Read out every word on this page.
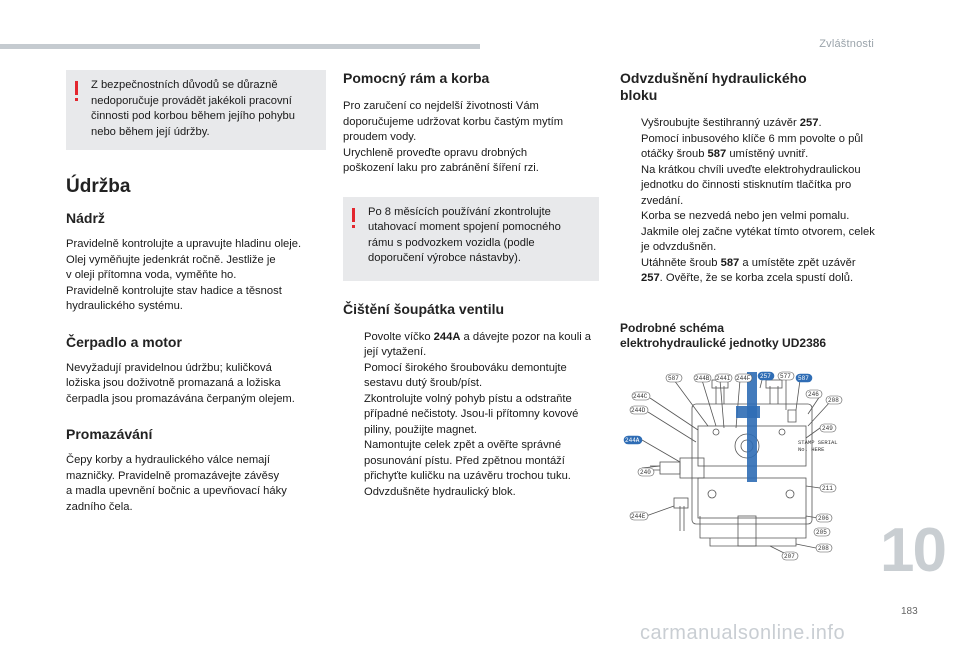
Zvláštnosti
Z bezpečnostních důvodů se důrazně nedoporučuje provádět jakékoli pracovní činnosti pod korbou během jejího pohybu nebo během její údržby.
Údržba
Nádrž

Pravidelně kontrolujte a upravujte hladinu oleje.
Olej vyměňujte jedenkrát ročně. Jestliže je
v oleji přítomna voda, vyměňte ho.
Pravidelně kontrolujte stav hadice a těsnost
hydraulického systému.

Čerpadlo a motor

Nevyžadují pravidelnou údržbu; kuličková
ložiska jsou doživotně promazaná a ložiska
čerpadla jsou promazávána čerpaným olejem.

Promazávání

Čepy korby a hydraulického válce nemají
mazničky. Pravidelně promazávejte závěsy
a madla upevnění bočnic a upevňovací háky
zadního čela.

Pomocný rám a korba

Pro zaručení co nejdelší životnosti Vám
doporučujeme udržovat korbu častým mytím
proudem vody.
Urychleně proveďte opravu drobných
poškození laku pro zabránění šíření rzi.

Po 8 měsících používání zkontrolujte utahovací moment spojení pomocného rámu s podvozkem vozidla (podle doporučení výrobce nástavby).
Čištění šoupátka ventilu
Povolte víčko 244A a dávejte pozor na kouli a její vytažení.
Pomocí širokého šroubováku demontujte sestavu dutý šroub/píst.
Zkontrolujte volný pohyb pístu a odstraňte případné nečistoty. Jsou-li přítomny kovové piliny, použijte magnet.
Namontujte celek zpět a ověřte správné posunování pístu. Před zpětnou montáží přichyťte kuličku na uzávěru trochou tuku.
Odvzdušněte hydraulický blok.
Odvzdušnění hydraulického
bloku
Vyšroubujte šestihranný uzávěr 257.
Pomocí inbusového klíče 6 mm povolte o půl otáčky šroub 587 umístěný uvnitř.
Na krátkou chvíli uveďte elektrohydraulickou jednotku do činnosti stisknutím tlačítka pro zvedání.
Korba se nezvedá nebo jen velmi pomalu. Jakmile olej začne vytékat tímto otvorem, celek je odvzdušněn.
Utáhněte šroub 587 a umístěte zpět uzávěr 257. Ověřte, že se korba zcela spustí dolů.
Podrobné schéma
elektrohydraulické jednotky UD2386
587	244B 244I 244F 257 577 587
244C
244D
244A
246
208
240
244E
249
211
206
205
207
208
STAMP SERIAL
No. HERE
10
183
carmanualsonline.info
